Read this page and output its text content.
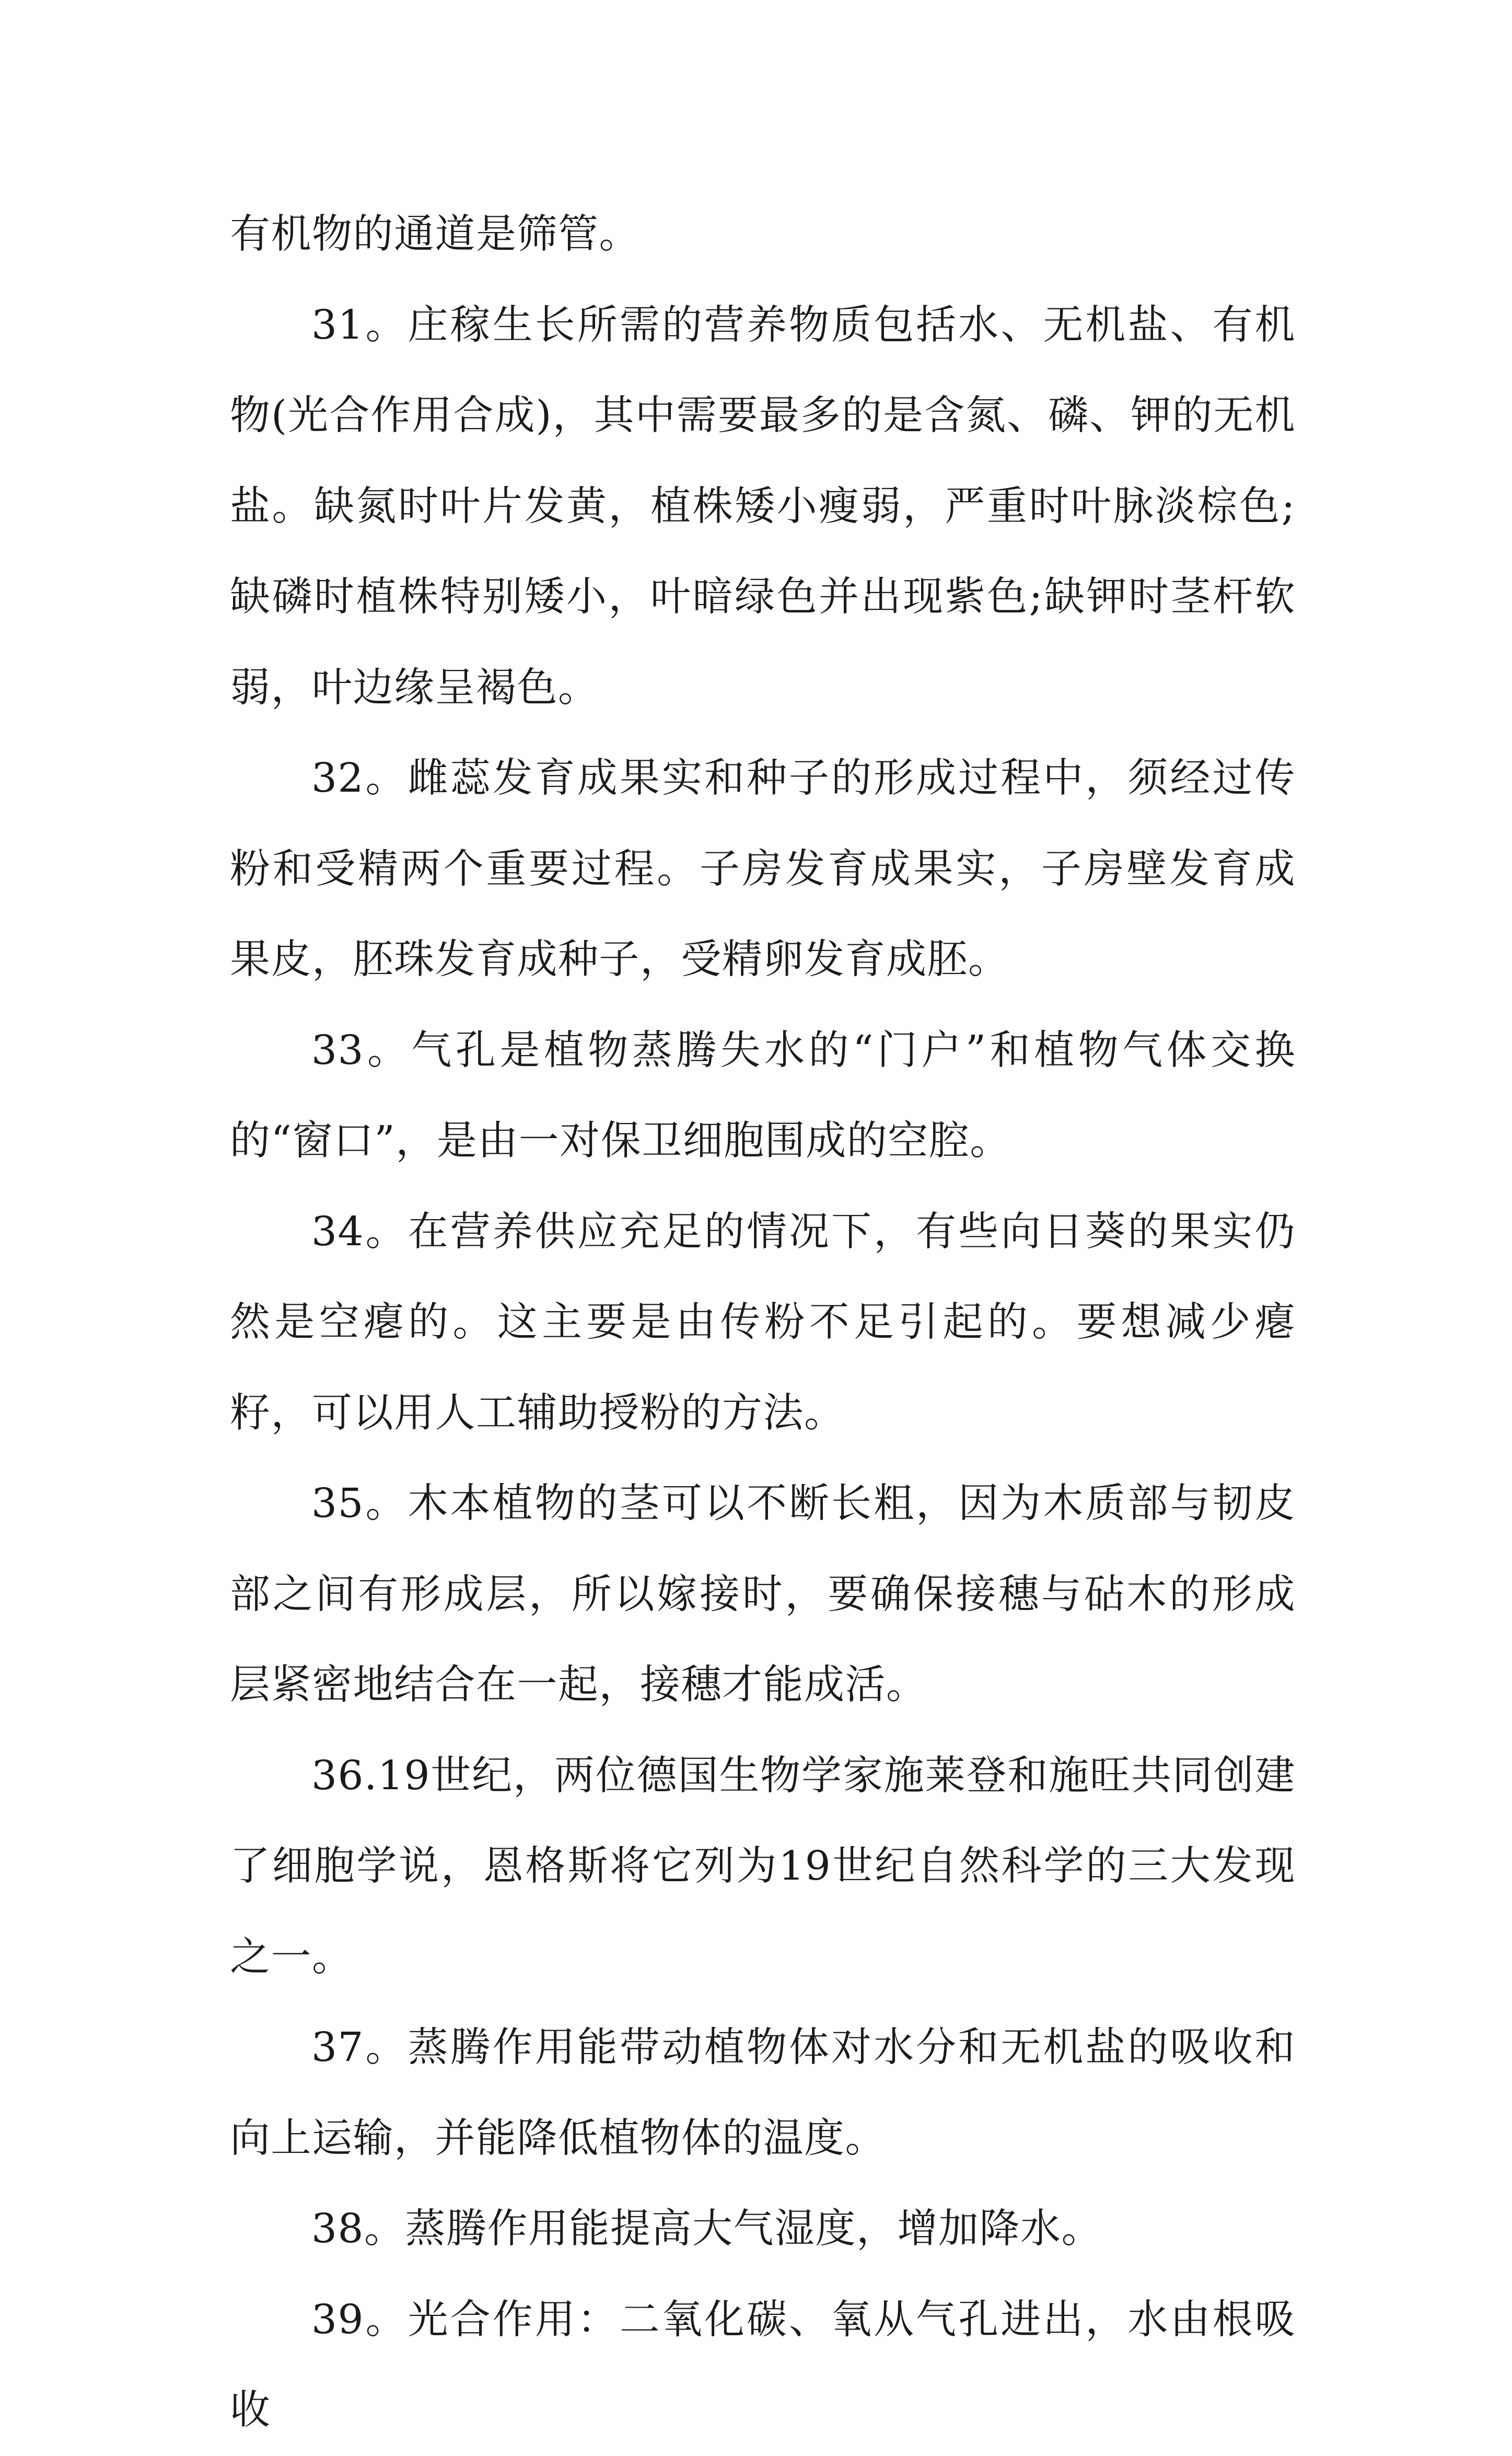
有机物的通道是筛管。

31。庄稼生长所需的营养物质包括水、无机盐、有机物(光合作用合成)，其中需要最多的是含氮、磷、钾的无机盐。缺氮时叶片发黄，植株矮小瘦弱，严重时叶脉淡棕色;缺磷时植株特别矮小，叶暗绿色并出现紫色;缺钾时茎杆软弱，叶边缘呈褐色。

32。雌蕊发育成果实和种子的形成过程中，须经过传粉和受精两个重要过程。子房发育成果实，子房壁发育成果皮，胚珠发育成种子，受精卵发育成胚。

33。气孔是植物蒸腾失水的“门户”和植物气体交换的“窗口”，是由一对保卫细胞围成的空腔。

34。在营养供应充足的情况下，有些向日葵的果实仍然是空瘪的。这主要是由传粉不足引起的。要想减少瘪籽，可以用人工辅助授粉的方法。

35。木本植物的茎可以不断长粗，因为木质部与韧皮部之间有形成层，所以嫁接时，要确保接穗与砧木的形成层紧密地结合在一起，接穗才能成活。

36.19世纪，两位德国生物学家施莱登和施旺共同创建了细胞学说，恩格斯将它列为19世纪自然科学的三大发现之一。

37。蒸腾作用能带动植物体对水分和无机盐的吸收和向上运输，并能降低植物体的温度。

38。蒸腾作用能提高大气湿度，增加降水。

39。光合作用：二氧化碳、氧从气孔进出，水由根吸收
